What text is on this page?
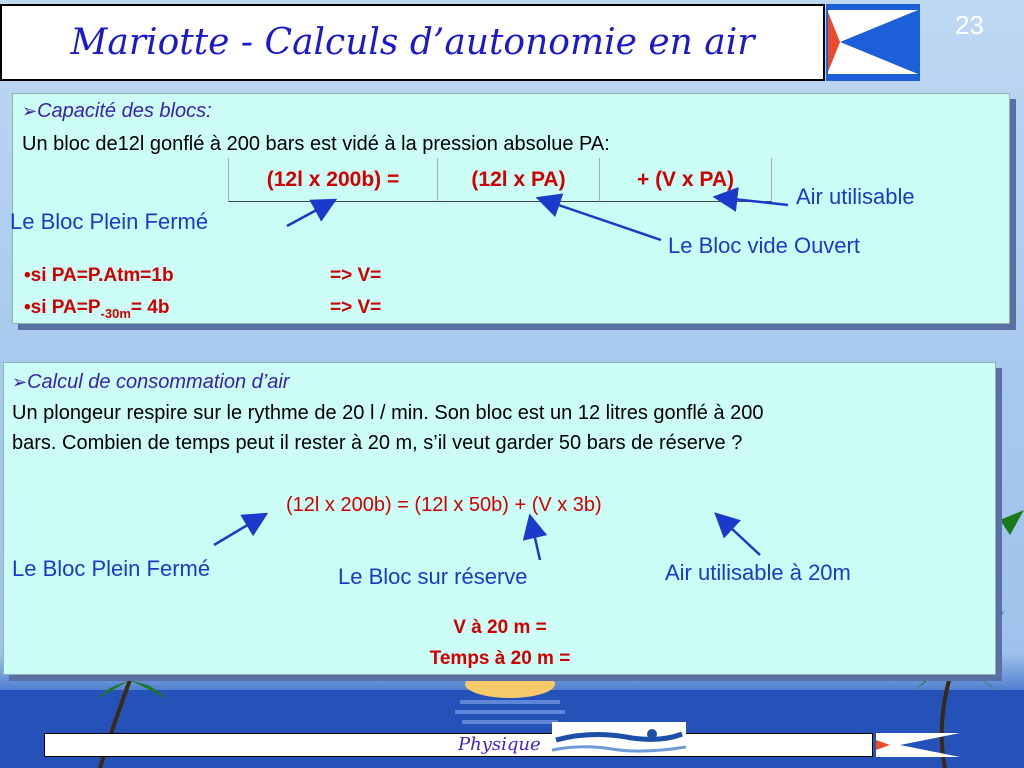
Mariotte - Calculs d’autonomie en air	23
➢Capacité des blocs:
Un bloc de12l gonflé à 200 bars est vidé à la pression absolue PA:
(12l x 200b) =	(12l x PA)	+ (V x PA)
Le Bloc Plein Fermé
Le Bloc vide Ouvert
Air utilisable
•si PA=P.Atm=1b	=> V=
•si $PA=P_{-30m}= 4b$	=> V=
➢Calcul de consommation d’air
Un plongeur respire sur le rythme de 20 l / min. Son bloc est un 12 litres gonflé à 200
bars. Combien de temps peut il rester à 20 m, s’il veut garder 50 bars de réserve ?
(12l x 200b) = (12l x 50b) + (V x 3b)
Le Bloc Plein Fermé	Le Bloc sur réserve	Air utilisable à 20m
V à 20 m =
Temps à 20 m =
Physique
